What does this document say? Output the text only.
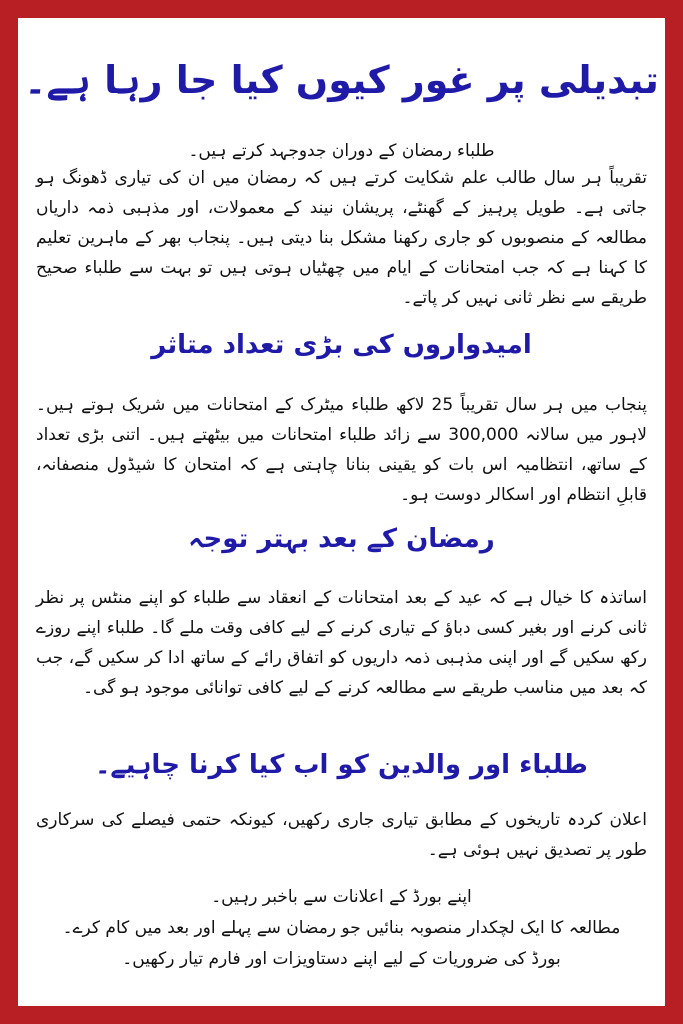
تبدیلی پر غور کیوں کیا جا رہا ہے۔
طلباء رمضان کے دوران جدوجہد کرتے ہیں۔
تقریباً ہر سال طالب علم شکایت کرتے ہیں کہ رمضان میں ان کی تیاری ڈھونگ ہو جاتی ہے۔ طویل پرہیز کے گھنٹے، پریشان نیند کے معمولات، اور مذہبی ذمہ داریاں مطالعہ کے منصوبوں کو جاری رکھنا مشکل بنا دیتی ہیں۔ پنجاب بھر کے ماہرین تعلیم کا کہنا ہے کہ جب امتحانات کے ایام میں چھٹیاں ہوتی ہیں تو بہت سے طلباء صحیح طریقے سے نظر ثانی نہیں کر پاتے۔
امیدواروں کی بڑی تعداد متاثر
پنجاب میں ہر سال تقریباً 25 لاکھ طلباء میٹرک کے امتحانات میں شریک ہوتے ہیں۔ لاہور میں سالانہ 300,000 سے زائد طلباء امتحانات میں بیٹھتے ہیں۔ اتنی بڑی تعداد کے ساتھ، انتظامیہ اس بات کو یقینی بنانا چاہتی ہے کہ امتحان کا شیڈول منصفانہ، قابلِ انتظام اور اسکالر دوست ہو۔
رمضان کے بعد بہتر توجہ
اساتذہ کا خیال ہے کہ عید کے بعد امتحانات کے انعقاد سے طلباء کو اپنے منٹس پر نظر ثانی کرنے اور بغیر کسی دباؤ کے تیاری کرنے کے لیے کافی وقت ملے گا۔ طلباء اپنے روزے رکھ سکیں گے اور اپنی مذہبی ذمہ داریوں کو اتفاق رائے کے ساتھ ادا کر سکیں گے، جب کہ بعد میں مناسب طریقے سے مطالعہ کرنے کے لیے کافی توانائی موجود ہو گی۔
طلباء اور والدین کو اب کیا کرنا چاہیے۔
اعلان کردہ تاریخوں کے مطابق تیاری جاری رکھیں، کیونکہ حتمی فیصلے کی سرکاری طور پر تصدیق نہیں ہوئی ہے۔
اپنے بورڈ کے اعلانات سے باخبر رہیں۔
مطالعہ کا ایک لچکدار منصوبہ بنائیں جو رمضان سے پہلے اور بعد میں کام کرے۔
بورڈ کی ضروریات کے لیے اپنے دستاویزات اور فارم تیار رکھیں۔
